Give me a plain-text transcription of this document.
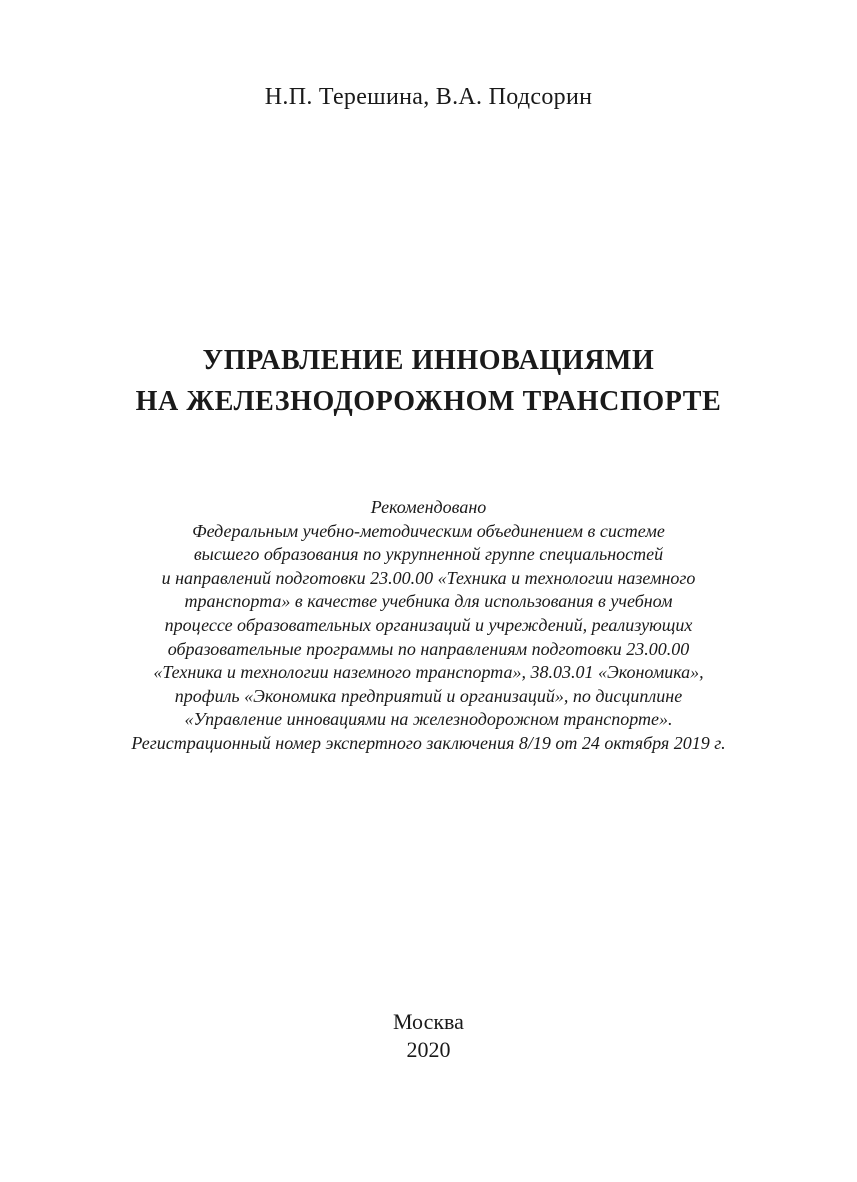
Н.П. Терешина, В.А. Подсорин
УПРАВЛЕНИЕ ИННОВАЦИЯМИ
НА ЖЕЛЕЗНОДОРОЖНОМ ТРАНСПОРТЕ
Рекомендовано
Федеральным учебно-методическим объединением в системе
высшего образования по укрупненной группе специальностей
и направлений подготовки 23.00.00 «Техника и технологии наземного
транспорта» в качестве учебника для использования в учебном
процессе образовательных организаций и учреждений, реализующих
образовательные программы по направлениям подготовки 23.00.00
«Техника и технологии наземного транспорта», 38.03.01 «Экономика»,
профиль «Экономика предприятий и организаций», по дисциплине
«Управление инновациями на железнодорожном транспорте».
Регистрационный номер экспертного заключения 8/19 от 24 октября 2019 г.
Москва
2020
